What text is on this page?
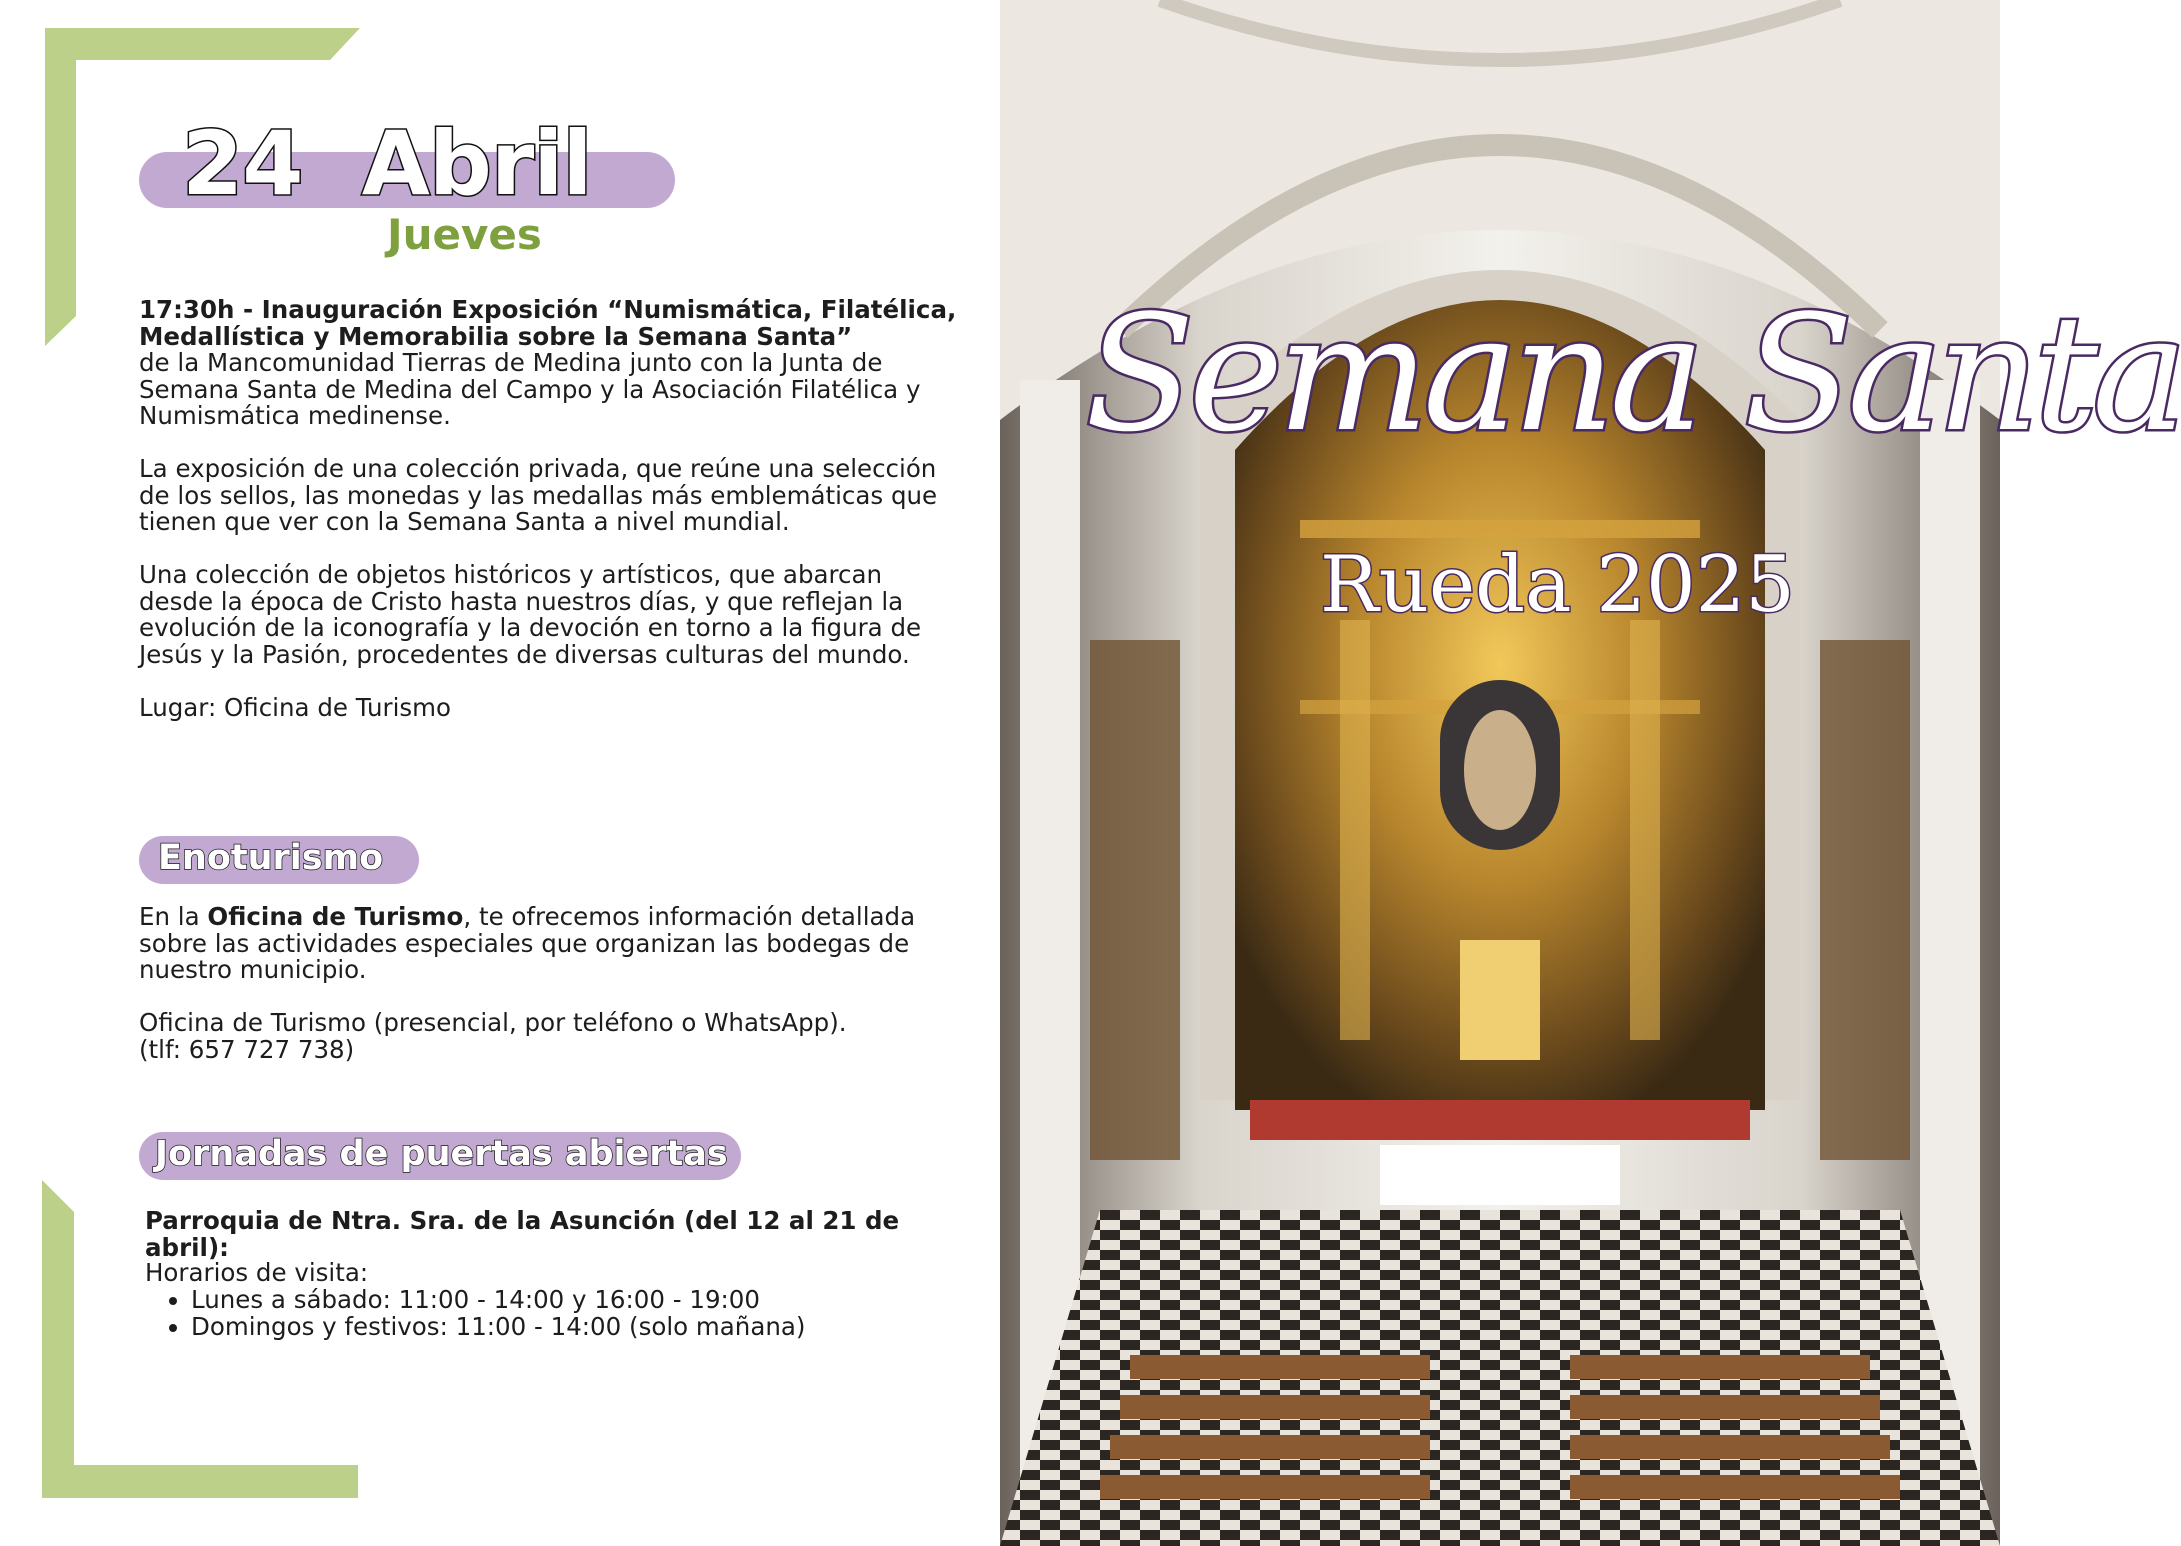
24  Abril
Jueves

17:30h - Inauguración Exposición “Numismática, Filatélica,
Medallística y Memorabilia sobre la Semana Santa”

de la Mancomunidad Tierras de Medina junto con la Junta de Semana Santa de Medina del Campo y la Asociación Filatélica y Numismática medinense.

La exposición de una colección privada, que reúne una selección de los sellos, las monedas y las medallas más emblemáticas que tienen que ver con la Semana Santa a nivel mundial.

Una colección de objetos históricos y artísticos, que abarcan desde la época de Cristo hasta nuestros días, y que reflejan la evolución de la iconografía y la devoción en torno a la figura de Jesús y la Pasión, procedentes de diversas culturas del mundo.

Lugar: Oficina de Turismo

Enoturismo

En la Oficina de Turismo, te ofrecemos información detallada sobre las actividades especiales que organizan las bodegas de nuestro municipio.

Oficina de Turismo (presencial, por teléfono o WhatsApp).
(tlf: 657 727 738)

Jornadas de puertas abiertas

Parroquia de Ntra. Sra. de la Asunción (del 12 al 21 de abril):

Horarios de visita:

• Lunes a sábado: 11:00 - 14:00 y 16:00 - 19:00
• Domingos y festivos: 11:00 - 14:00 (solo mañana)
Semana Santa
Rueda 2025
